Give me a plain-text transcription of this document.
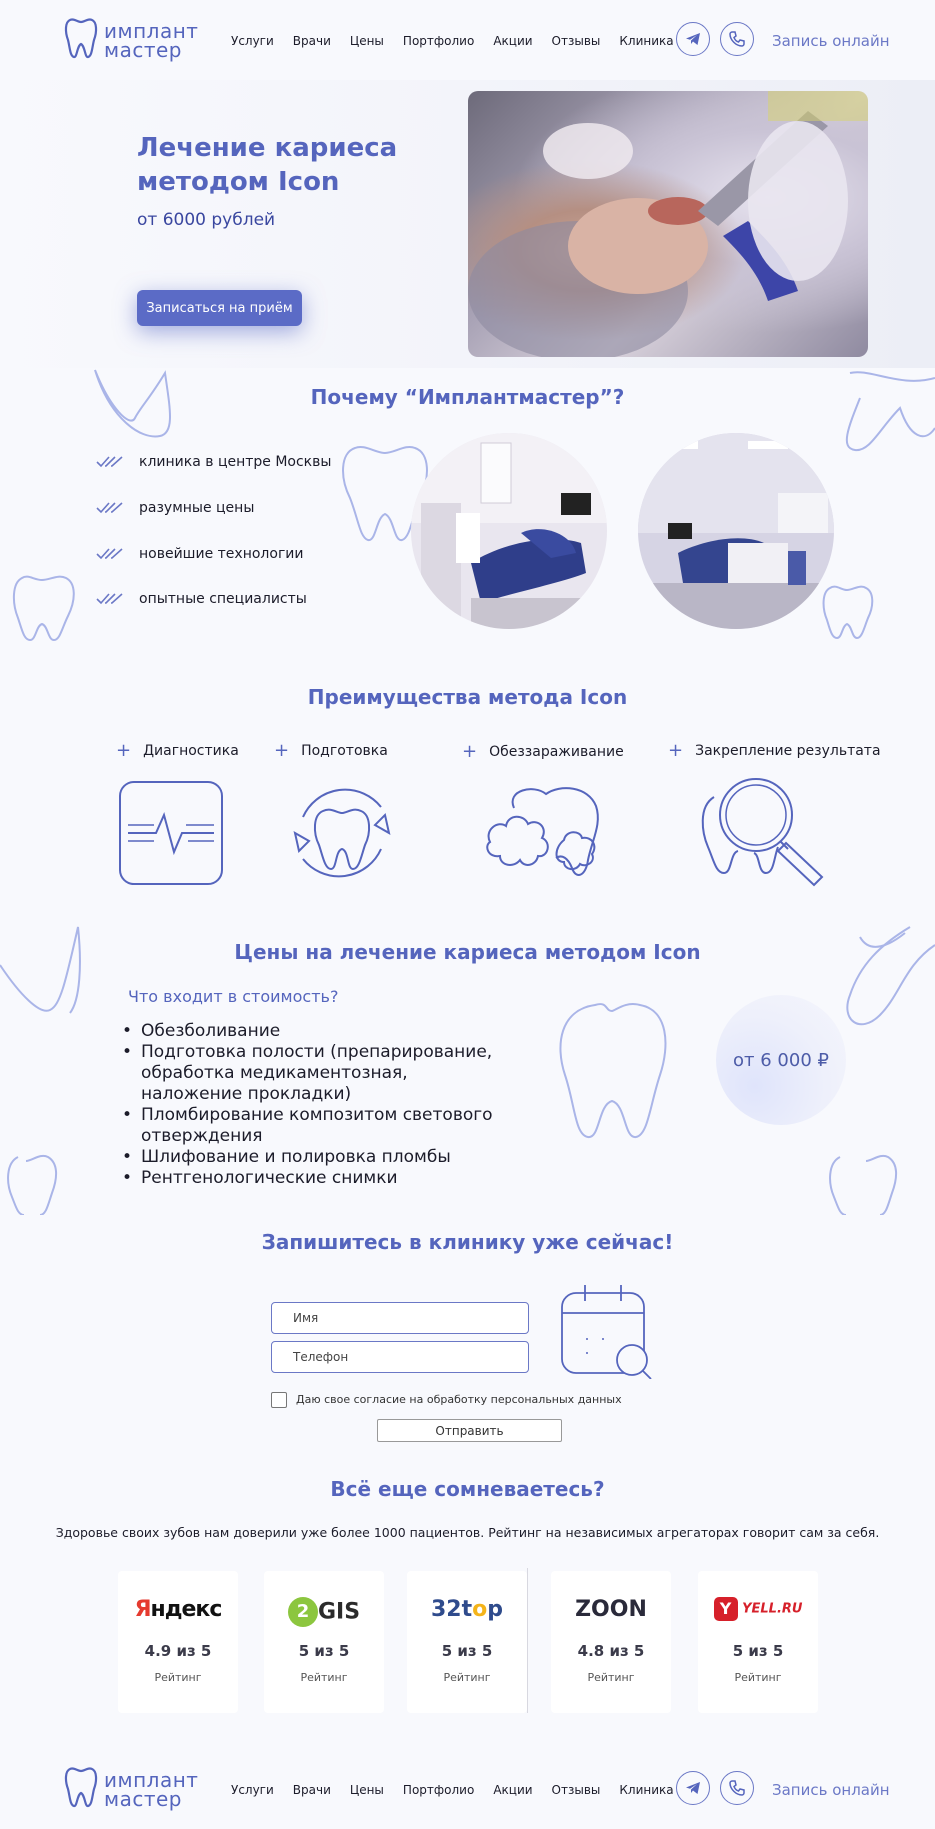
имплант мастер	Услуги Врачи Цены Портфолио Акции Отзывы Клиника	Запись онлайн
Лечение кариеса методом Icon
от 6000 рублей
Записаться на приём
Почему “Имплантмастер”?
клиника в центре Москвы
разумные цены
новейшие технологии
опытные специалисты
Преимущества метода Icon
+ Диагностика + Подготовка	+ Обеззараживание + Закрепление результата
Цены на лечение кариеса методом Icon
Что входит в стоимость?
• Обезболивание
• Подготовка полости (препарирование, обработка медикаментозная, наложение прокладки)
• Пломбирование композитом светового отверждения
• Шлифование и полировка пломбы
• Рентгенологические снимки
от 6 000 ₽
Запишитесь в клинику уже сейчас!
Имя
Телефон
Даю свое согласие на обработку персональных данных
Отправить
Всё еще сомневаетесь?
Здоровье своих зубов нам доверили уже более 1000 пациентов. Рейтинг на независимых агрегаторах говорит сам за себя.
Яндекс
4.9 из 5
Рейтинг
2 GIS
5 из 5
Рейтинг
32top
5 из 5
Рейтинг
ZOON
4.8 из 5
Рейтинг
Y YELL.RU
5 из 5
Рейтинг
имплант мастер	Услуги Врачи Цены Портфолио Акции Отзывы Клиника	Запись онлайн
